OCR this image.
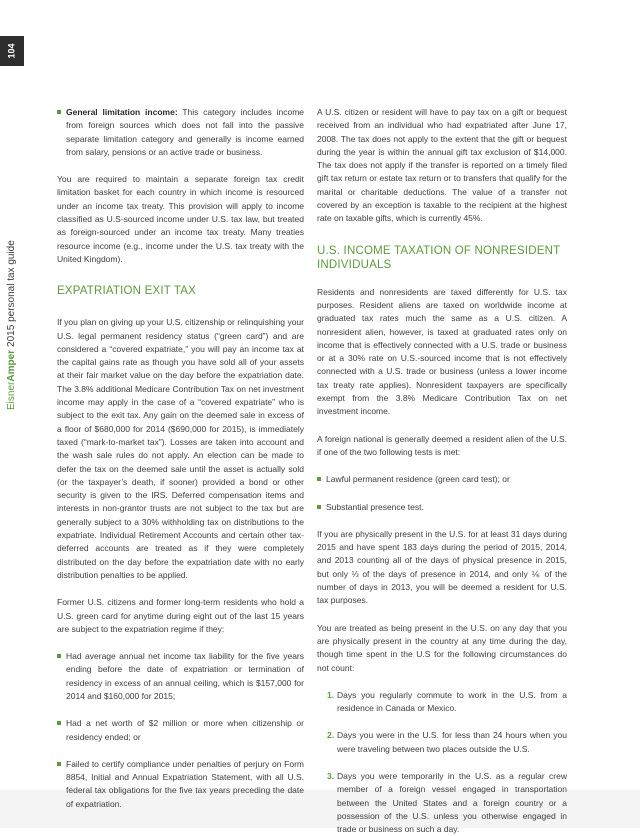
104
EisnerAmper2015 personal tax guide

General limitation income: This category includes income from foreign sources which does not fall into the passive separate limitation category and generally is income earned from salary, pensions or an active trade or business.

You are required to maintain a separate foreign tax credit limitation basket for each country in which income is resourced under an income tax treaty. This provision will apply to income classified as U.S-sourced income under U.S. tax law, but treated as foreign-sourced under an income tax treaty. Many treaties resource income (e.g., income under the U.S. tax treaty with the United Kingdom).

EXPATRIATION EXIT TAX

If you plan on giving up your U.S. citizenship or relinquishing your U.S. legal permanent residency status (“green card”) and are considered a “covered expatriate,” you will pay an income tax at the capital gains rate as though you have sold all of your assets at their fair market value on the day before the expatriation date. The 3.8% additional Medicare Contribution Tax on net investment income may apply in the case of a “covered expatriate” who is subject to the exit tax. Any gain on the deemed sale in excess of a floor of $680,000 for 2014 ($690,000 for 2015), is immediately taxed (“mark-to-market tax”). Losses are taken into account and the wash sale rules do not apply. An election can be made to defer the tax on the deemed sale until the asset is actually sold (or the taxpayer’s death, if sooner) provided a bond or other security is given to the IRS. Deferred compensation items and interests in non-grantor trusts are not subject to the tax but are generally subject to a 30% withholding tax on distributions to the expatriate. Individual Retirement Accounts and certain other tax-deferred accounts are treated as if they were completely distributed on the day before the expatriation date with no early distribution penalties to be applied.

Former U.S. citizens and former long-term residents who hold a U.S. green card for anytime during eight out of the last 15 years are subject to the expatriation regime if they:

Had average annual net income tax liability for the five years ending before the date of expatriation or termination of residency in excess of an annual ceiling, which is $157,000 for 2014 and $160,000 for 2015;

Had a net worth of $2 million or more when citizenship or residency ended; or

Failed to certify compliance under penalties of perjury on Form 8854, Initial and Annual Expatriation Statement, with all U.S. federal tax obligations for the five tax years preceding the date of expatriation.

A U.S. citizen or resident will have to pay tax on a gift or bequest received from an individual who had expatriated after June 17, 2008. The tax does not apply to the extent that the gift or bequest during the year is within the annual gift tax exclusion of $14,000. The tax does not apply if the transfer is reported on a timely filed gift tax return or estate tax return or to transfers that qualify for the marital or charitable deductions. The value of a transfer not covered by an exception is taxable to the recipient at the highest rate on taxable gifts, which is currently 45%.

U.S. INCOME TAXATION OF NONRESIDENT INDIVIDUALS

Residents and nonresidents are taxed differently for U.S. tax purposes. Resident aliens are taxed on worldwide income at graduated tax rates much the same as a U.S. citizen. A nonresident alien, however, is taxed at graduated rates only on income that is effectively connected with a U.S. trade or business or at a 30% rate on U.S.-sourced income that is not effectively connected with a U.S. trade or business (unless a lower income tax treaty rate applies). Nonresident taxpayers are specifically exempt from the 3.8% Medicare Contribution Tax on net investment income.

A foreign national is generally deemed a resident alien of the U.S. if one of the two following tests is met:

Lawful permanent residence (green card test); or

Substantial presence test.

If you are physically present in the U.S. for at least 31 days during 2015 and have spent 183 days during the period of 2015, 2014, and 2013 counting all of the days of physical presence in 2015, but only ⅓ of the days of presence in 2014, and only ⅙ of the number of days in 2013, you will be deemed a resident for U.S. tax purposes.

You are treated as being present in the U.S. on any day that you are physically present in the country at any time during the day, though time spent in the U.S for the following circumstances do not count:

1. Days you regularly commute to work in the U.S. from a residence in Canada or Mexico.

2. Days you were in the U.S. for less than 24 hours when you were traveling between two places outside the U.S.

3. Days you were temporarily in the U.S. as a regular crew member of a foreign vessel engaged in transportation between the United States and a foreign country or a possession of the U.S. unless you otherwise engaged in trade or business on such a day.
